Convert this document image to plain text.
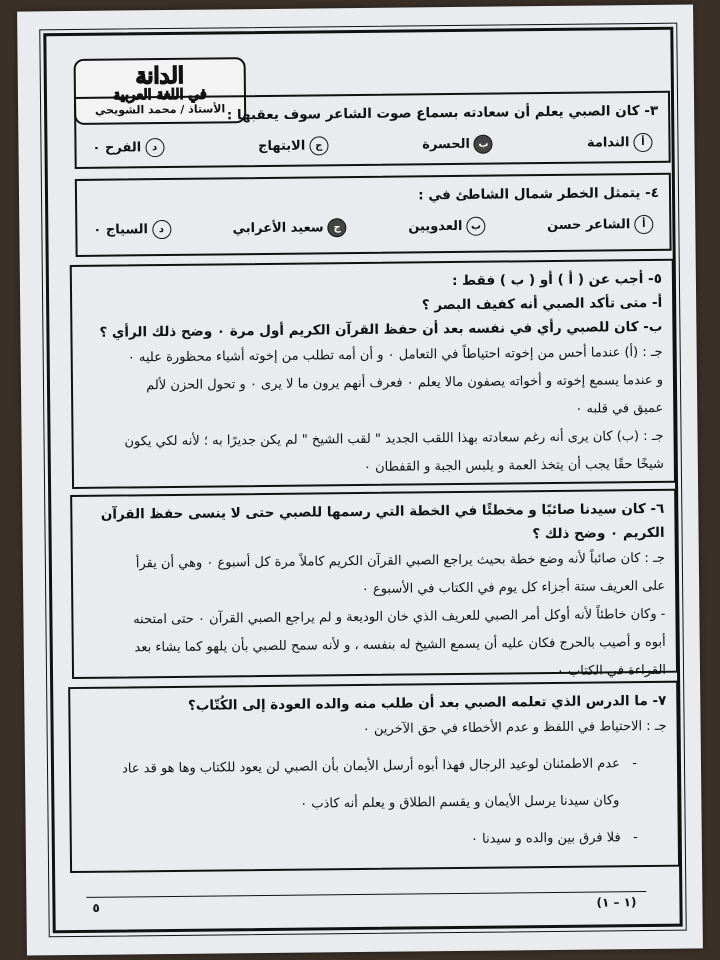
الدانة
في اللغة العربية
الأستاذ / محمد الشويحي ٣- كان الصبي يعلم أن سعادته بسماع صوت الشاعر سوف يعقبها :
أ
الندامة
ب
الحسرة
ج
الابتهاج
د
الفرح ٠
٤- يتمثل الخطر شمال الشاطئ في :
أ
الشاعر حسن
ب
العدويين
ج
سعيد الأعرابي
د
السياج ٠
٥- أجب عن ( أ ) أو ( ب ) فقط :
أ- متى تأكد الصبي أنه كفيف البصر ؟
ب- كان للصبي رأي في نفسه بعد أن حفظ القرآن الكريم أول مرة ٠ وضح ذلك الرأي ؟
جـ : (أ) عندما أحس من إخوته احتياطاً في التعامل ٠ و أن أمه تطلب من إخوته أشياء محظورة عليه ٠
و عندما يسمع إخوته و أخواته يصفون مالا يعلم ٠ فعرف أنهم يرون ما لا يرى ٠ و تحول الحزن لألم
عميق في قلبه ٠
جـ : (ب) كان يرى أنه رغم سعادته بهذا اللقب الجديد " لقب الشيخ " لم يكن جديرًا به ؛ لأنه لكي يكون
شيخًا حقًا يجب أن يتخذ العمة و يلبس الجبة و القفطان ٠
٦- كان سيدنا صائبًا و مخطئًا في الخطة التي رسمها للصبي حتى لا ينسى حفظ القرآن الكريم ٠ وضح ذلك ؟
جـ : كان صائباً لأنه وضع خطة بحيث يراجع الصبي القرآن الكريم كاملاً مرة كل أسبوع ٠ وهي أن يقرأ
على العريف ستة أجزاء كل يوم في الكتاب في الأسبوع ٠
- وكان خاطئاً لأنه أوكل أمر الصبي للعريف الذي خان الوديعة و لم يراجع الصبي القرآن ٠ حتى امتحنه
أبوه و أصيب بالحرج فكان عليه أن يسمع الشيخ له بنفسه ، و لأنه سمح للصبي بأن يلهو كما يشاء بعد
القراءة في الكتاب ٠
٧- ما الدرس الذي تعلمه الصبي بعد أن طلب منه والده العودة إلى الكُتّاب؟
جـ : الاحتياط في اللفظ و عدم الأخطاء في حق الآخرين ٠
-   عدم الاطمئنان لوعيد الرجال فهذا أبوه أرسل الأيمان بأن الصبي لن يعود للكتاب وها هو قد عاد
وكان سيدنا يرسل الأيمان و يقسم الطلاق و يعلم أنه كاذب ٠
-   فلا فرق بين والده و سيدنا ٠
(١ – ١)
٥
